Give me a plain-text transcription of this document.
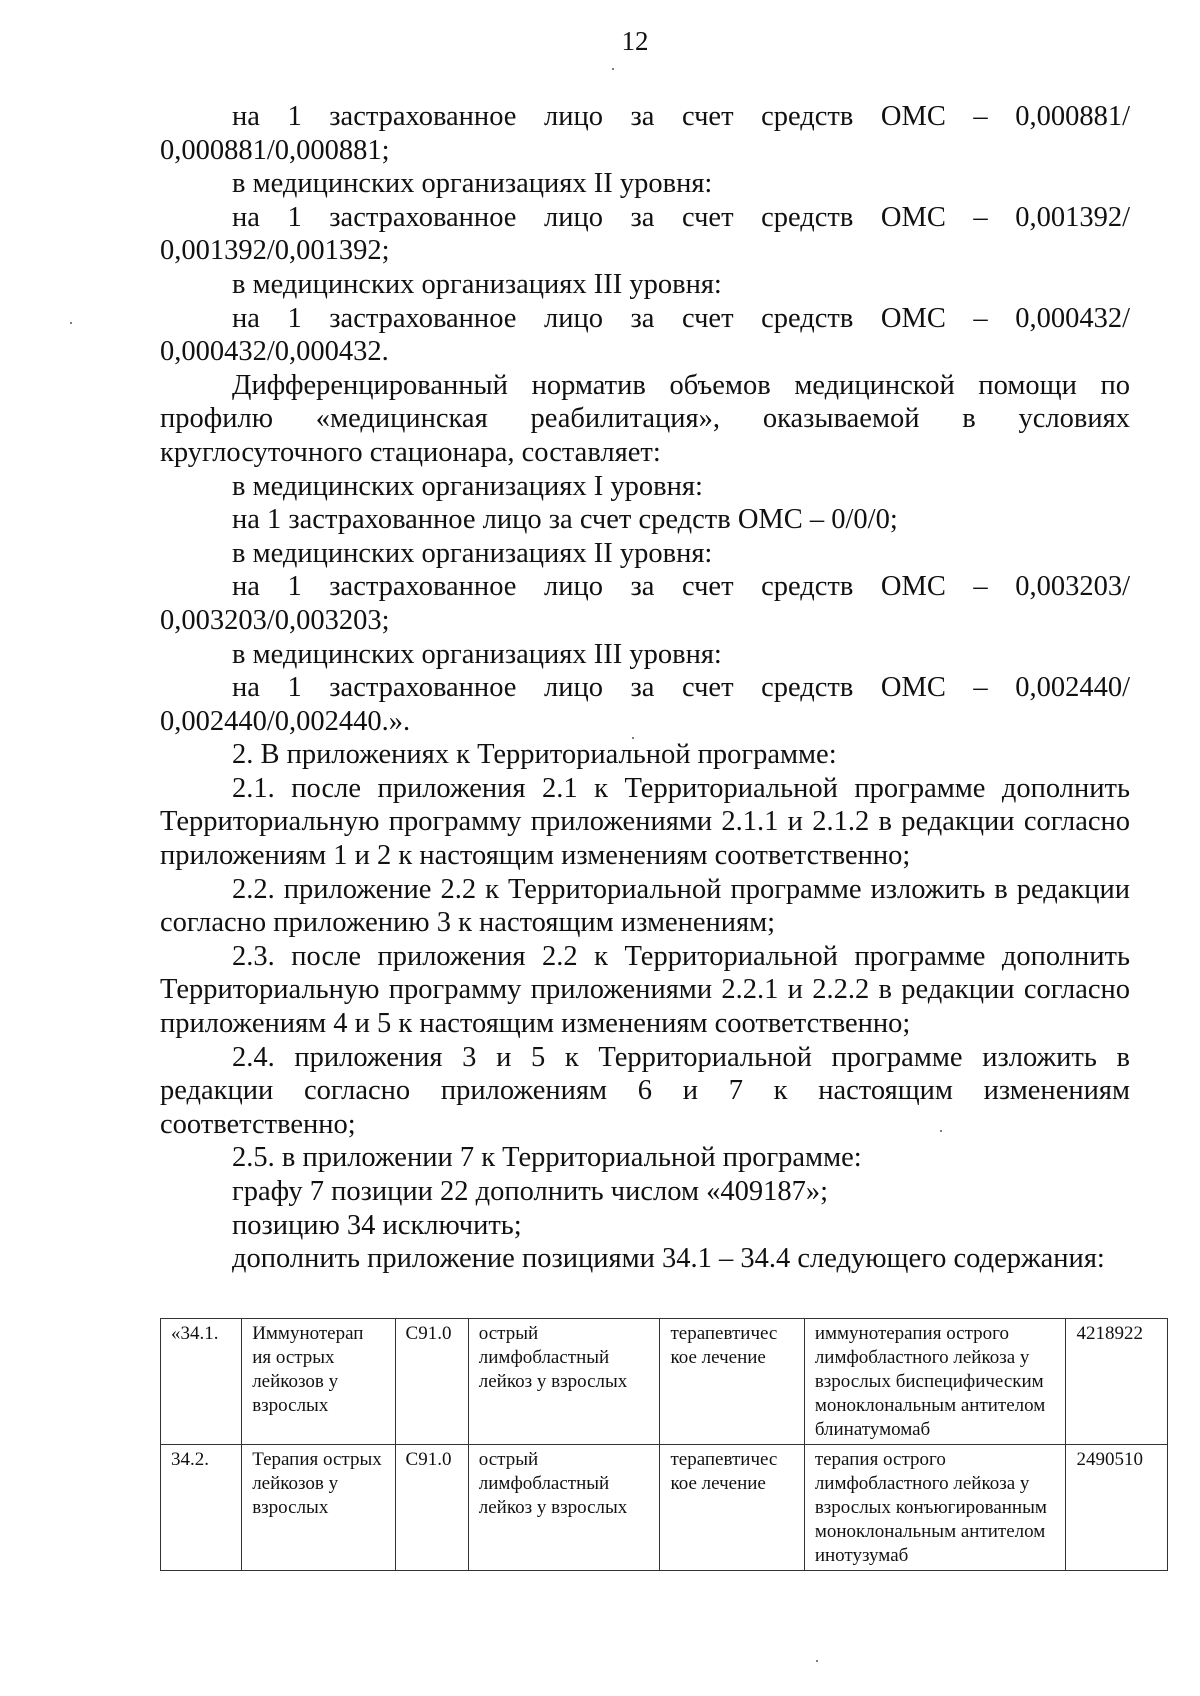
12

на 1 застрахованное лицо за счет средств ОМС – 0,000881/

0,000881/0,000881;

в медицинских организациях II уровня:

на 1 застрахованное лицо за счет средств ОМС – 0,001392/

0,001392/0,001392;

в медицинских организациях III уровня:

на 1 застрахованное лицо за счет средств ОМС – 0,000432/

0,000432/0,000432.

Дифференцированный норматив объемов медицинской помощи по профилю «медицинская реабилитация», оказываемой в условиях круглосуточного стационара, составляет:

в медицинских организациях I уровня:

на 1 застрахованное лицо за счет средств ОМС – 0/0/0;

в медицинских организациях II уровня:

на 1 застрахованное лицо за счет средств ОМС – 0,003203/

0,003203/0,003203;

в медицинских организациях III уровня:

на 1 застрахованное лицо за счет средств ОМС – 0,002440/

0,002440/0,002440.».

2. В приложениях к Территориальной программе:

2.1. после приложения 2.1 к Территориальной программе дополнить Территориальную программу приложениями 2.1.1 и 2.1.2 в редакции согласно приложениям 1 и 2 к настоящим изменениям соответственно;

2.2. приложение 2.2 к Территориальной программе изложить в редакции согласно приложению 3 к настоящим изменениям;

2.3. после приложения 2.2 к Территориальной программе дополнить Территориальную программу приложениями 2.2.1 и 2.2.2 в редакции согласно приложениям 4 и 5 к настоящим изменениям соответственно;

2.4. приложения 3 и 5 к Территориальной программе изложить в редакции согласно приложениям 6 и 7 к настоящим изменениям соответственно;

2.5. в приложении 7 к Территориальной программе:

графу 7 позиции 22 дополнить числом «409187»;

позицию 34 исключить;

дополнить приложение позициями 34.1 – 34.4 следующего содержания:

«34.1.	Иммунотерап ия острых лейкозов у взрослых	C91.0	острый лимфобластный лейкоз у взрослых	терапевтичес кое лечение	иммунотерапия острого лимфобластного лейкоза у взрослых биспецифическим моноклональным антителом блинатумомаб	4218922
34.2.	Терапия острых лейкозов у взрослых	C91.0	острый лимфобластный лейкоз у взрослых	терапевтичес кое лечение	терапия острого лимфобластного лейкоза у взрослых конъюгированным моноклональным антителом инотузумаб	2490510
